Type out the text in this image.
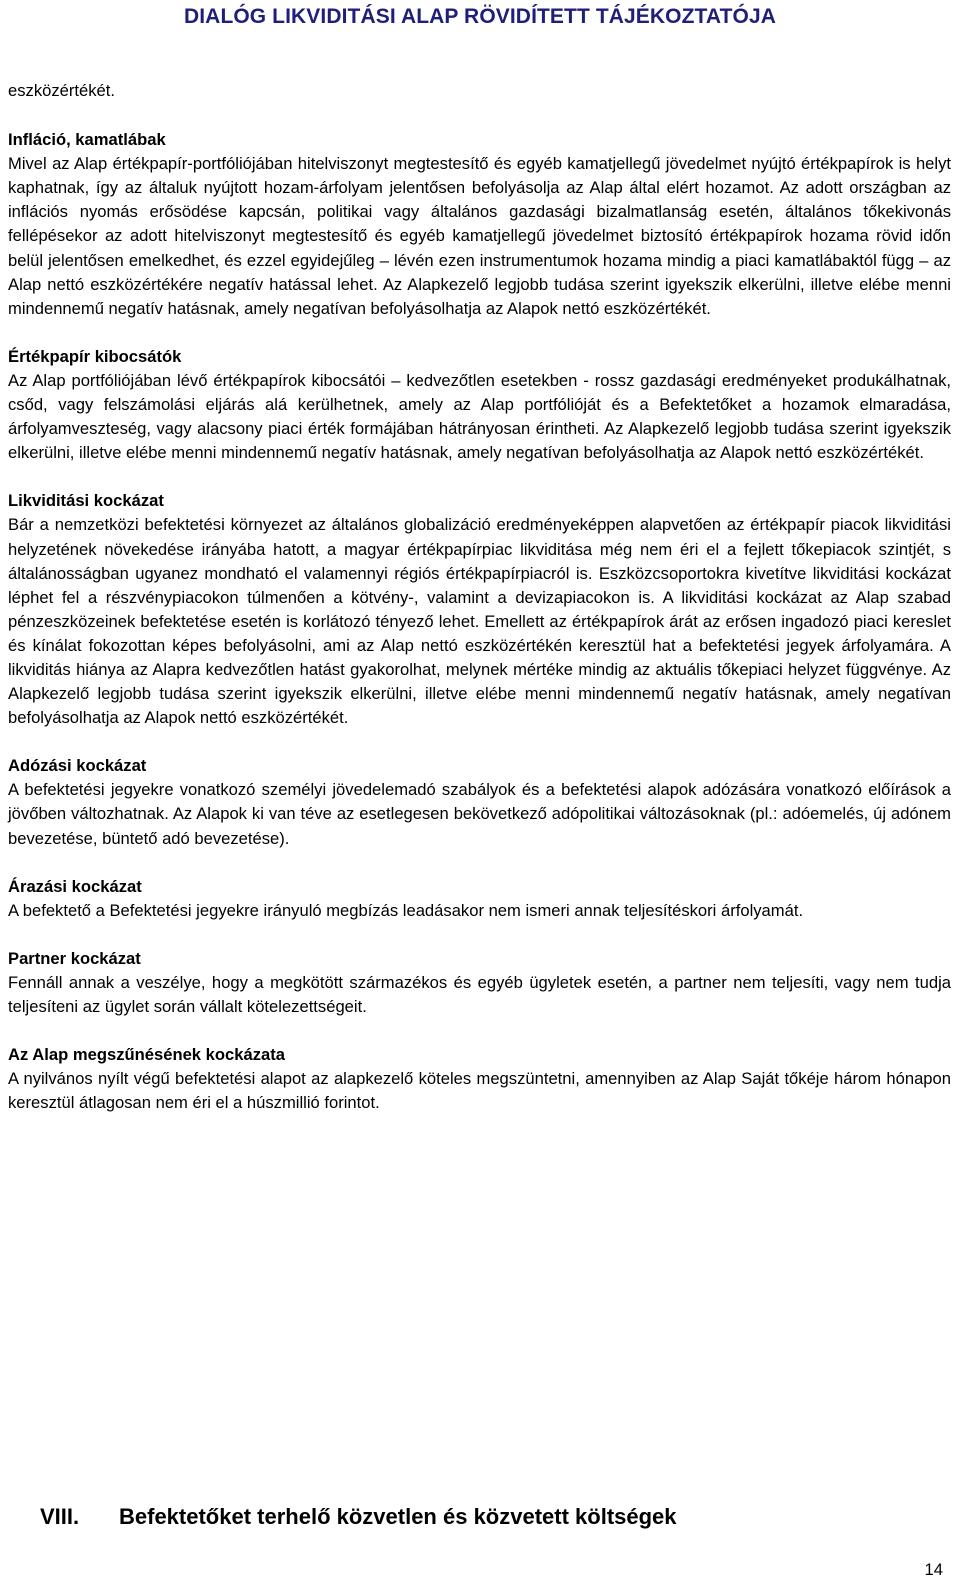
DIALÓG LIKVIDITÁSI ALAP RÖVIDÍTETT TÁJÉKOZTATÓJA
eszközértékét.
Infláció, kamatlábak

Mivel az Alap értékpapír-portfóliójában hitelviszonyt megtestesítő és egyéb kamatjellegű jövedelmet nyújtó értékpapírok is helyt kaphatnak, így az általuk nyújtott hozam-árfolyam jelentősen befolyásolja az Alap által elért hozamot. Az adott országban az inflációs nyomás erősödése kapcsán, politikai vagy általános gazdasági bizalmatlanság esetén, általános tőkekivonás fellépésekor az adott hitelviszonyt megtestesítő és egyéb kamatjellegű jövedelmet biztosító értékpapírok hozama rövid időn belül jelentősen emelkedhet, és ezzel egyidejűleg – lévén ezen instrumentumok hozama mindig a piaci kamatlábaktól függ – az Alap nettó eszközértékére negatív hatással lehet. Az Alapkezelő legjobb tudása szerint igyekszik elkerülni, illetve elébe menni mindennemű negatív hatásnak, amely negatívan befolyásolhatja az Alapok nettó eszközértékét.

Értékpapír kibocsátók

Az Alap portfóliójában lévő értékpapírok kibocsátói – kedvezőtlen esetekben - rossz gazdasági eredményeket produkálhatnak, csőd, vagy felszámolási eljárás alá kerülhetnek, amely az Alap portfólióját és a Befektetőket a hozamok elmaradása, árfolyamveszteség, vagy alacsony piaci érték formájában hátrányosan érintheti. Az Alapkezelő legjobb tudása szerint igyekszik elkerülni, illetve elébe menni mindennemű negatív hatásnak, amely negatívan befolyásolhatja az Alapok nettó eszközértékét.

Likviditási kockázat

Bár a nemzetközi befektetési környezet az általános globalizáció eredményeképpen alapvetően az értékpapír piacok likviditási helyzetének növekedése irányába hatott, a magyar értékpapírpiac likviditása még nem éri el a fejlett tőkepiacok szintjét, s általánosságban ugyanez mondható el valamennyi régiós értékpapírpiacról is. Eszközcsoportokra kivetítve likviditási kockázat léphet fel a részvénypiacokon túlmenően a kötvény-, valamint a devizapiacokon is. A likviditási kockázat az Alap szabad pénzeszközeinek befektetése esetén is korlátozó tényező lehet. Emellett az értékpapírok árát az erősen ingadozó piaci kereslet és kínálat fokozottan képes befolyásolni, ami az Alap nettó eszközértékén keresztül hat a befektetési jegyek árfolyamára. A likviditás hiánya az Alapra kedvezőtlen hatást gyakorolhat, melynek mértéke mindig az aktuális tőkepiaci helyzet függvénye. Az Alapkezelő legjobb tudása szerint igyekszik elkerülni, illetve elébe menni mindennemű negatív hatásnak, amely negatívan befolyásolhatja az Alapok nettó eszközértékét.

Adózási kockázat

A befektetési jegyekre vonatkozó személyi jövedelemadó szabályok és a befektetési alapok adózására vonatkozó előírások a jövőben változhatnak. Az Alapok ki van téve az esetlegesen bekövetkező adópolitikai változásoknak (pl.: adóemelés, új adónem bevezetése, büntető adó bevezetése).

Árazási kockázat

A befektető a Befektetési jegyekre irányuló megbízás leadásakor nem ismeri annak teljesítéskori árfolyamát.

Partner kockázat

Fennáll annak a veszélye, hogy a megkötött származékos és egyéb ügyletek esetén, a partner nem teljesíti, vagy nem tudja teljesíteni az ügylet során vállalt kötelezettségeit.

Az Alap megszűnésének kockázata

A nyilvános nyílt végű befektetési alapot az alapkezelő köteles megszüntetni, amennyiben az Alap Saját tőkéje három hónapon keresztül átlagosan nem éri el a húszmillió forintot.

VIII. Befektetőket terhelő közvetlen és közvetett költségek
14
